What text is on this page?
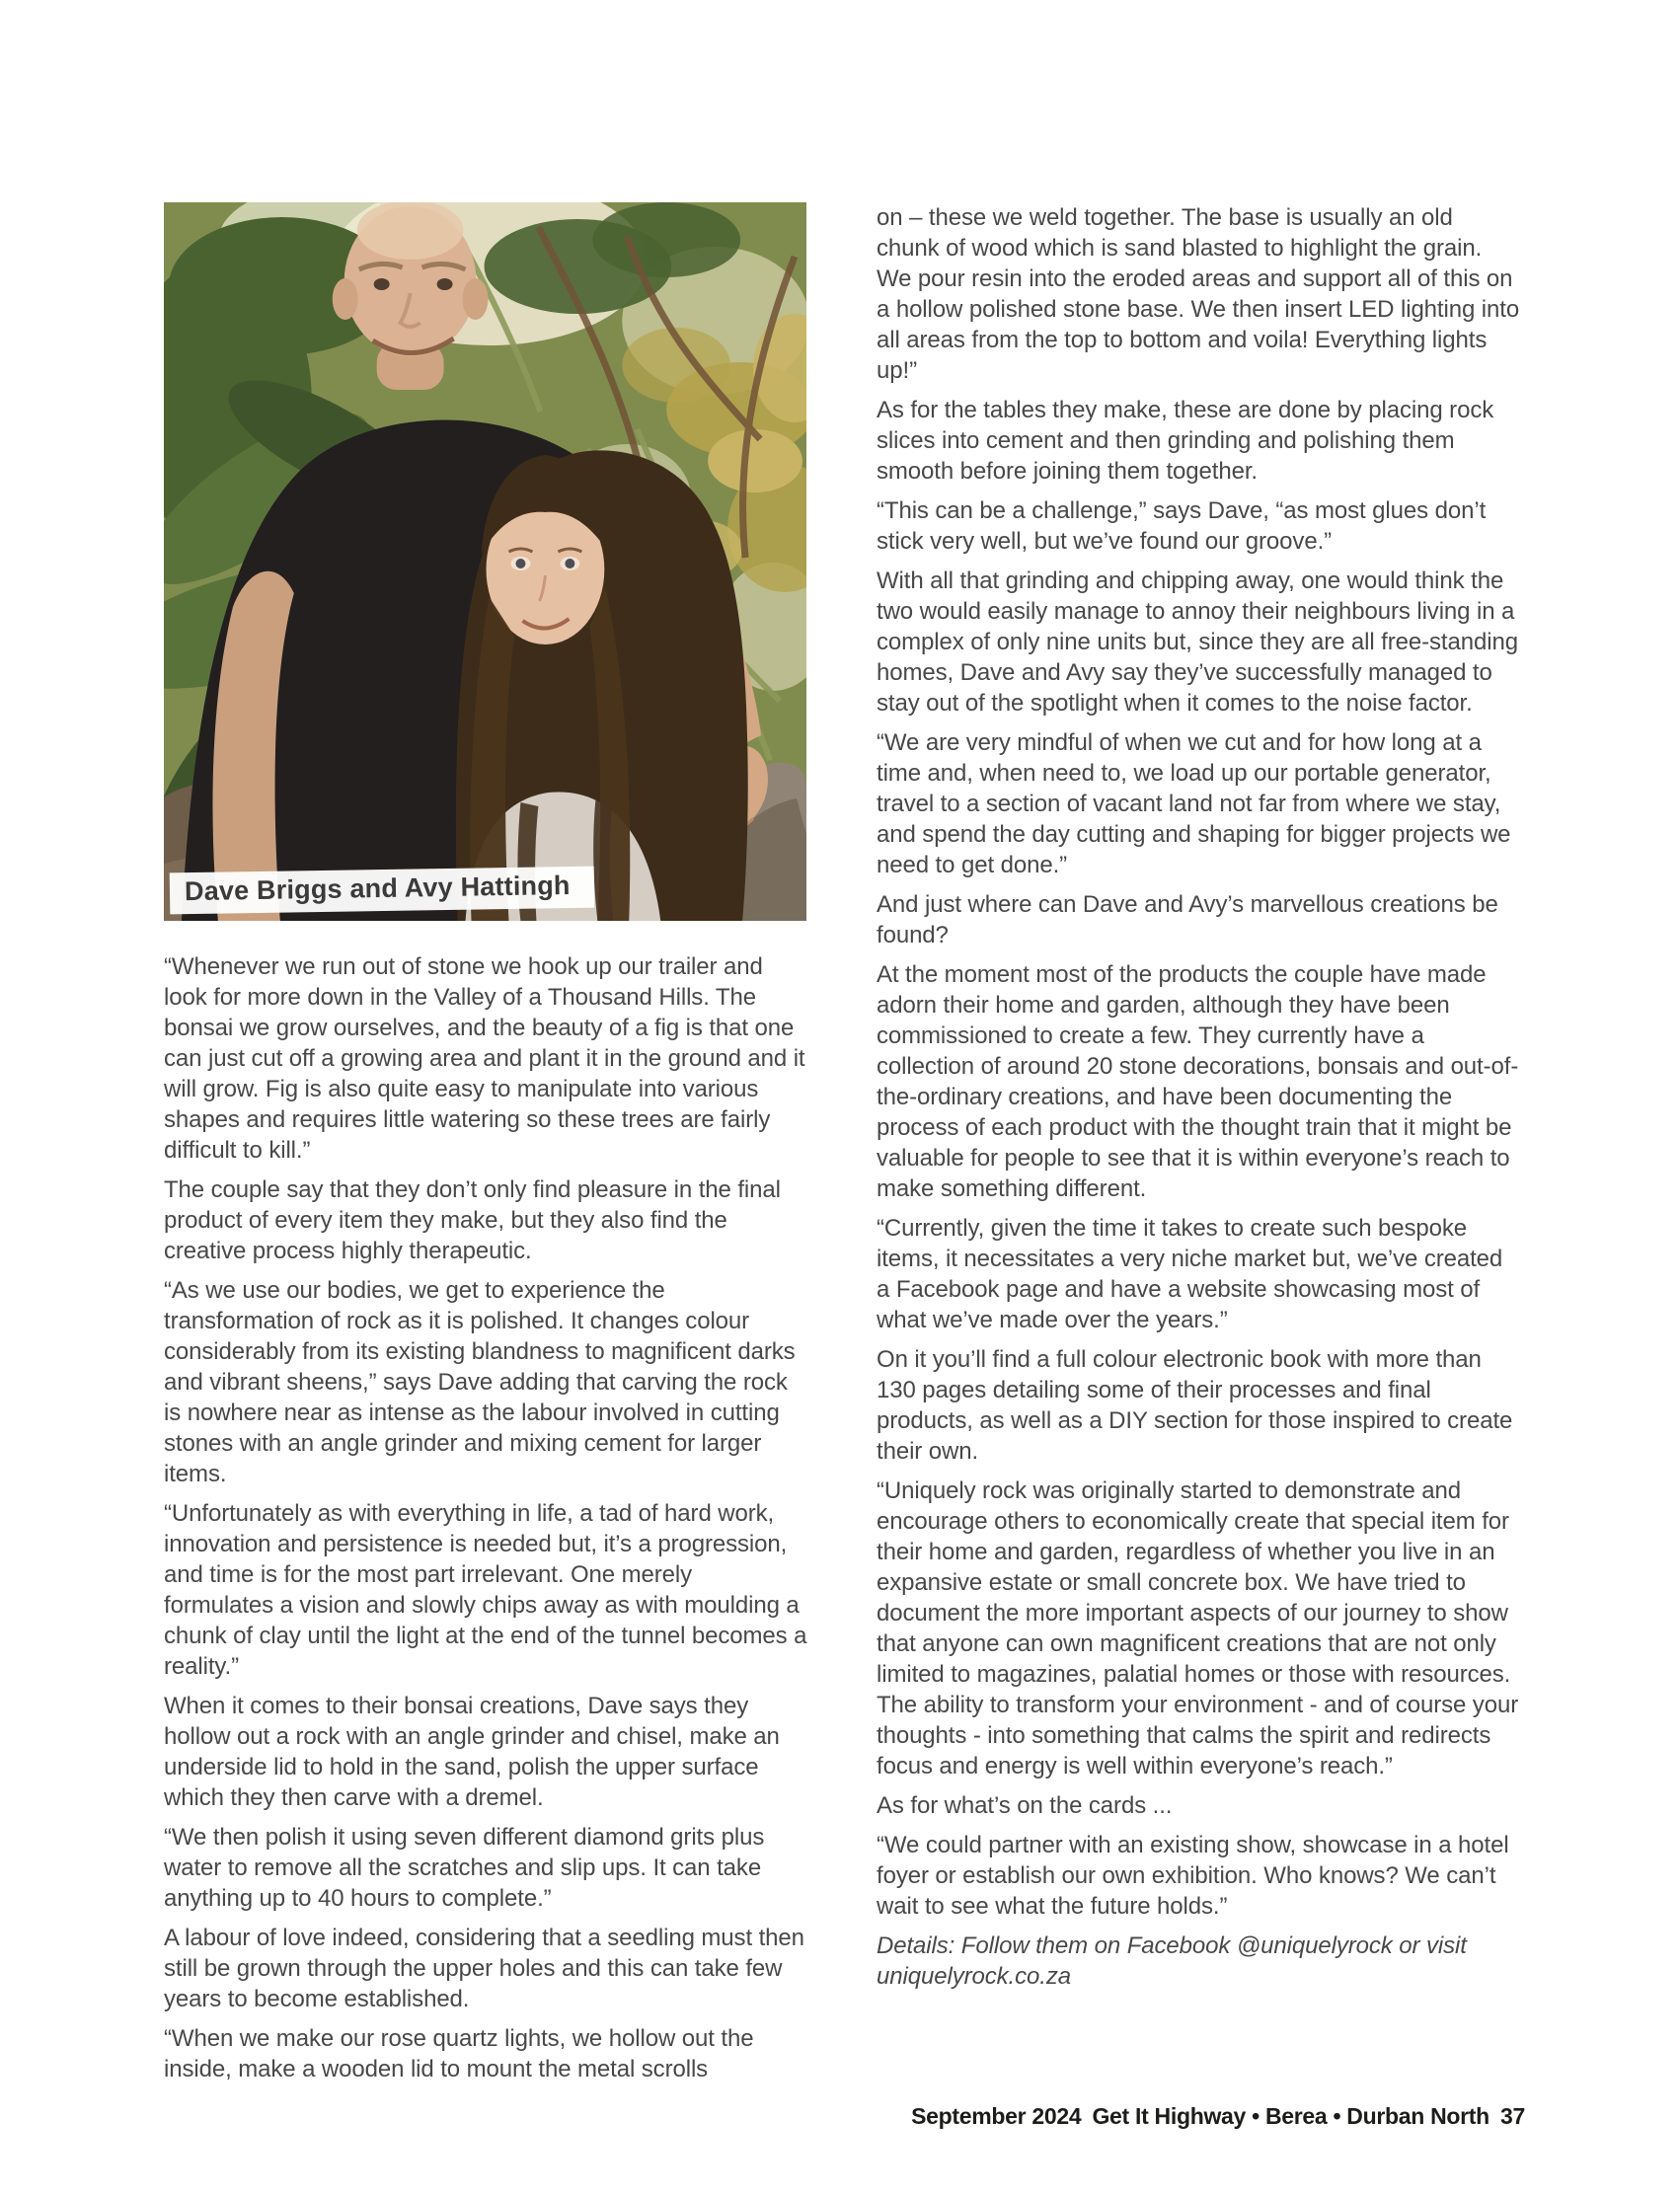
Dave Briggs and Avy Hattingh

“Whenever we run out of stone we hook up our trailer and look for more down in the Valley of a Thousand Hills. The bonsai we grow ourselves, and the beauty of a fig is that one can just cut off a growing area and plant it in the ground and it will grow. Fig is also quite easy to manipulate into various shapes and requires little watering so these trees are fairly difficult to kill.”

The couple say that they don’t only find pleasure in the final product of every item they make, but they also find the creative process highly therapeutic.

“As we use our bodies, we get to experience the transformation of rock as it is polished. It changes colour considerably from its existing blandness to magnificent darks and vibrant sheens,” says Dave adding that carving the rock is nowhere near as intense as the labour involved in cutting stones with an angle grinder and mixing cement for larger items.

“Unfortunately as with everything in life, a tad of hard work, innovation and persistence is needed but, it’s a progression, and time is for the most part irrelevant. One merely formulates a vision and slowly chips away as with moulding a chunk of clay until the light at the end of the tunnel becomes a reality.”

When it comes to their bonsai creations, Dave says they hollow out a rock with an angle grinder and chisel, make an underside lid to hold in the sand, polish the upper surface which they then carve with a dremel.

“We then polish it using seven different diamond grits plus water to remove all the scratches and slip ups. It can take anything up to 40 hours to complete.”

A labour of love indeed, considering that a seedling must then still be grown through the upper holes and this can take few years to become established.

“When we make our rose quartz lights, we hollow out the inside, make a wooden lid to mount the metal scrolls

on – these we weld together. The base is usually an old chunk of wood which is sand blasted to highlight the grain. We pour resin into the eroded areas and support all of this on a hollow polished stone base. We then insert LED lighting into all areas from the top to bottom and voila! Everything lights up!”

As for the tables they make, these are done by placing rock slices into cement and then grinding and polishing them smooth before joining them together.

“This can be a challenge,” says Dave, “as most glues don’t stick very well, but we’ve found our groove.”

With all that grinding and chipping away, one would think the two would easily manage to annoy their neighbours living in a complex of only nine units but, since they are all free-standing homes, Dave and Avy say they’ve successfully managed to stay out of the spotlight when it comes to the noise factor.

“We are very mindful of when we cut and for how long at a time and, when need to, we load up our portable generator, travel to a section of vacant land not far from where we stay, and spend the day cutting and shaping for bigger projects we need to get done.”

And just where can Dave and Avy’s marvellous creations be found?

At the moment most of the products the couple have made adorn their home and garden, although they have been commissioned to create a few. They currently have a collection of around 20 stone decorations, bonsais and out-of-the-ordinary creations, and have been documenting the process of each product with the thought train that it might be valuable for people to see that it is within everyone’s reach to make something different.

“Currently, given the time it takes to create such bespoke items, it necessitates a very niche market but, we’ve created a Facebook page and have a website showcasing most of what we’ve made over the years.”

On it you’ll find a full colour electronic book with more than 130 pages detailing some of their processes and final products, as well as a DIY section for those inspired to create their own.

“Uniquely rock was originally started to demonstrate and encourage others to economically create that special item for their home and garden, regardless of whether you live in an expansive estate or small concrete box. We have tried to document the more important aspects of our journey to show that anyone can own magnificent creations that are not only limited to magazines, palatial homes or those with resources. The ability to transform your environment - and of course your thoughts - into something that calms the spirit and redirects focus and energy is well within everyone’s reach.”

As for what’s on the cards ...

“We could partner with an existing show, showcase in a hotel foyer or establish our own exhibition. Who knows? We can’t wait to see what the future holds.”

Details: Follow them on Facebook @uniquelyrock or visit uniquelyrock.co.za

September 2024 Get It Highway • Berea • Durban North 37
